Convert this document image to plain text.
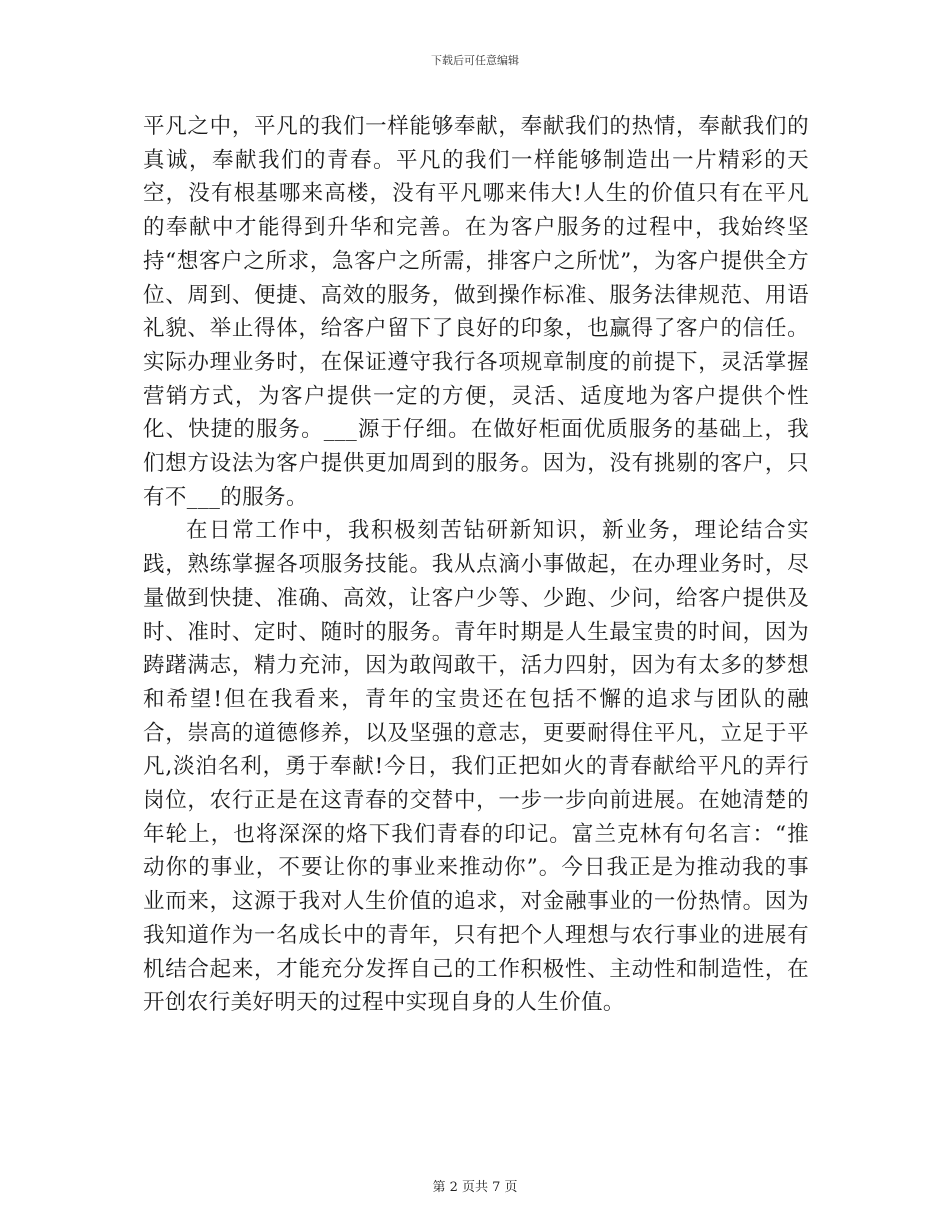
下载后可任意编辑

平凡之中，平凡的我们一样能够奉献，奉献我们的热情，奉献我们的真诚，奉献我们的青春。平凡的我们一样能够制造出一片精彩的天空，没有根基哪来高楼，没有平凡哪来伟大!人生的价值只有在平凡的奉献中才能得到升华和完善。在为客户服务的过程中，我始终坚持“想客户之所求，急客户之所需，排客户之所忧”，为客户提供全方位、周到、便捷、高效的服务，做到操作标准、服务法律规范、用语礼貌、举止得体，给客户留下了良好的印象，也赢得了客户的信任。实际办理业务时，在保证遵守我行各项规章制度的前提下，灵活掌握营销方式，为客户提供一定的方便，灵活、适度地为客户提供个性化、快捷的服务。___源于仔细。在做好柜面优质服务的基础上，我们想方设法为客户提供更加周到的服务。因为，没有挑剔的客户，只有不___的服务。

在日常工作中，我积极刻苦钻研新知识，新业务，理论结合实践，熟练掌握各项服务技能。我从点滴小事做起，在办理业务时，尽量做到快捷、准确、高效，让客户少等、少跑、少问，给客户提供及时、准时、定时、随时的服务。青年时期是人生最宝贵的时间，因为踌躇满志，精力充沛，因为敢闯敢干，活力四射，因为有太多的梦想和希望!但在我看来，青年的宝贵还在包括不懈的追求与团队的融合，崇高的道德修养，以及坚强的意志，更要耐得住平凡，立足于平凡,淡泊名利，勇于奉献!今日，我们正把如火的青春献给平凡的弄行岗位，农行正是在这青春的交替中，一步一步向前进展。在她清楚的年轮上，也将深深的烙下我们青春的印记。富兰克林有句名言：“推动你的事业，不要让你的事业来推动你”。今日我正是为推动我的事业而来，这源于我对人生价值的追求，对金融事业的一份热情。因为我知道作为一名成长中的青年，只有把个人理想与农行事业的进展有机结合起来，才能充分发挥自己的工作积极性、主动性和制造性，在开创农行美好明天的过程中实现自身的人生价值。

第 2 页共 7 页
